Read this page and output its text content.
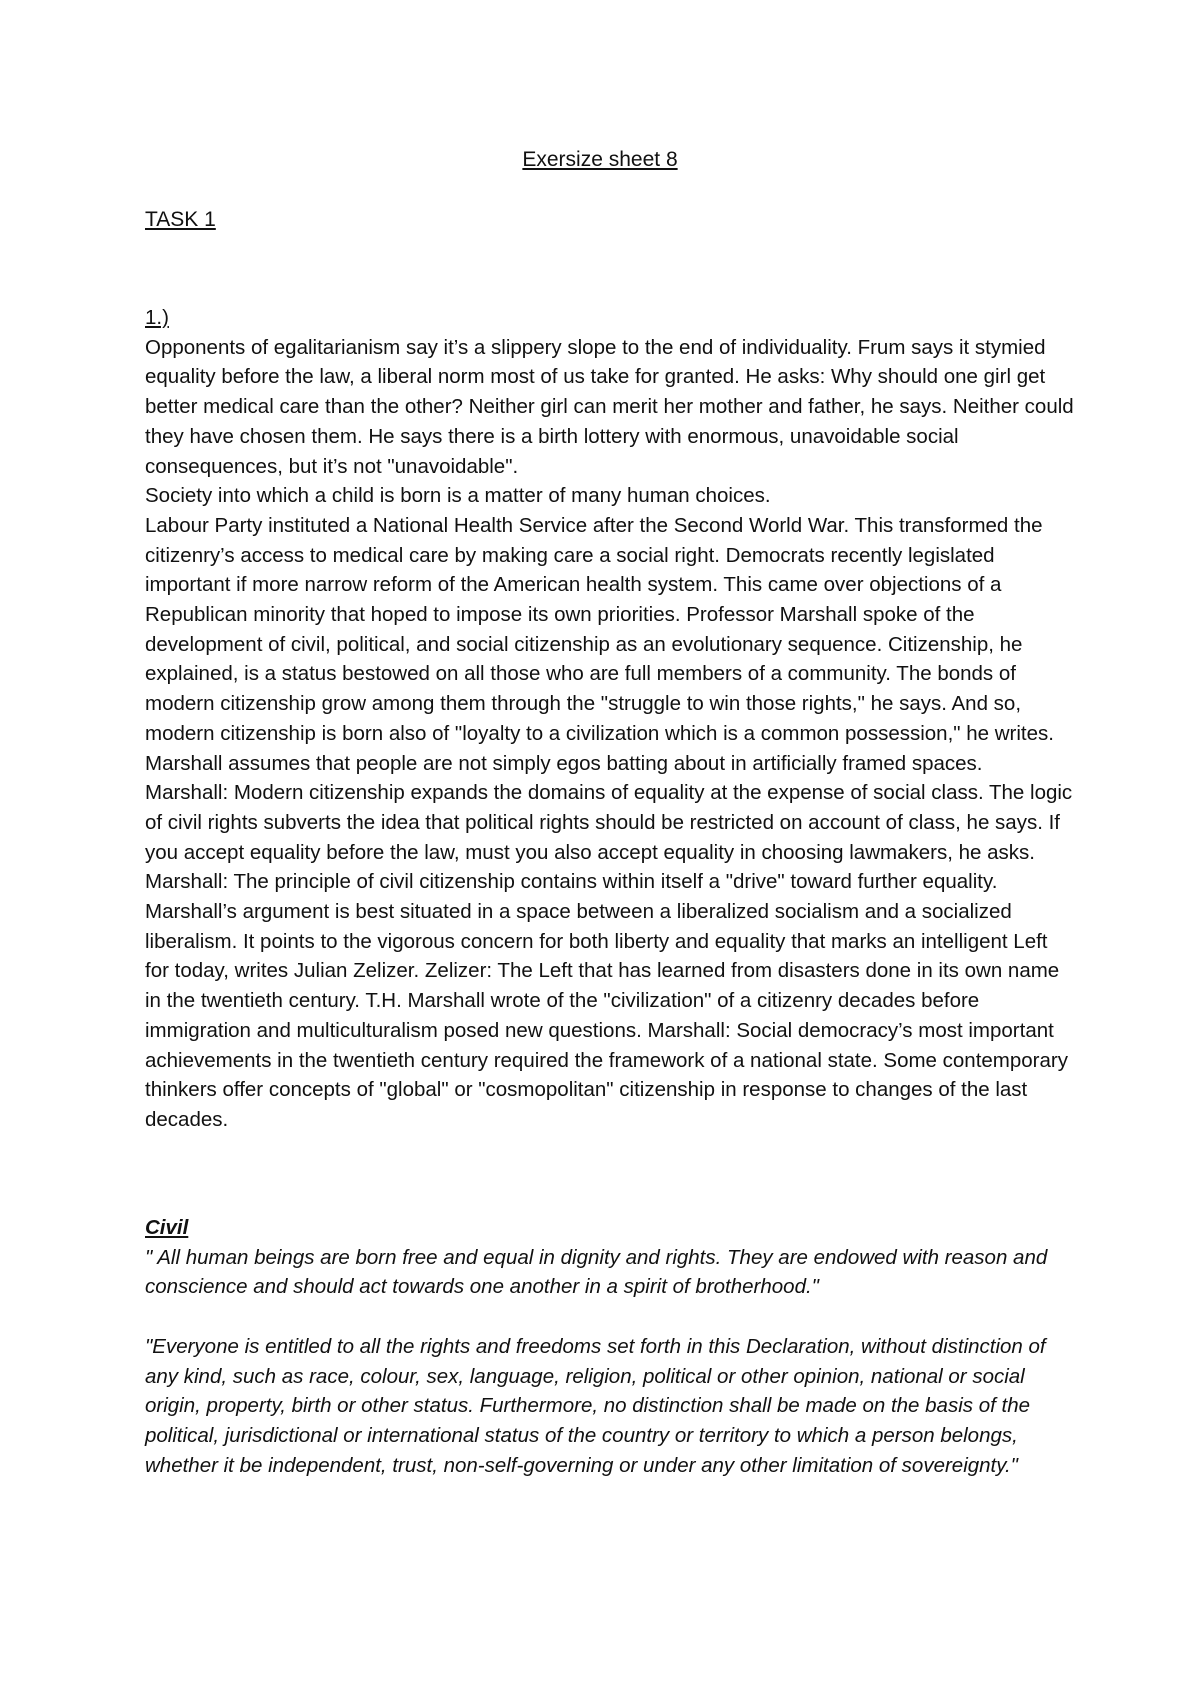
Exersize sheet 8
TASK 1
1.)

Opponents of egalitarianism say it’s a slippery slope to the end of individuality. Frum says it stymied equality before the law, a liberal norm most of us take for granted. He asks: Why should one girl get better medical care than the other? Neither girl can merit her mother and father, he says. Neither could they have chosen them. He says there is a birth lottery with enormous, unavoidable social consequences, but it’s not "unavoidable".

Society into which a child is born is a matter of many human choices.

Labour Party instituted a National Health Service after the Second World War. This transformed the citizenry’s access to medical care by making care a social right. Democrats recently legislated important if more narrow reform of the American health system. This came over objections of a Republican minority that hoped to impose its own priorities. Professor Marshall spoke of the development of civil, political, and social citizenship as an evolutionary sequence. Citizenship, he explained, is a status bestowed on all those who are full members of a community. The bonds of modern citizenship grow among them through the "struggle to win those rights," he says. And so, modern citizenship is born also of "loyalty to a civilization which is a common possession," he writes. Marshall assumes that people are not simply egos batting about in artificially framed spaces.

Marshall: Modern citizenship expands the domains of equality at the expense of social class. The logic of civil rights subverts the idea that political rights should be restricted on account of class, he says. If you accept equality before the law, must you also accept equality in choosing lawmakers, he asks. Marshall: The principle of civil citizenship contains within itself a "drive" toward further equality. Marshall’s argument is best situated in a space between a liberalized socialism and a socialized liberalism. It points to the vigorous concern for both liberty and equality that marks an intelligent Left for today, writes Julian Zelizer. Zelizer: The Left that has learned from disasters done in its own name in the twentieth century. T.H. Marshall wrote of the "civilization" of a citizenry decades before immigration and multiculturalism posed new questions. Marshall: Social democracy’s most important achievements in the twentieth century required the framework of a national state. Some contemporary thinkers offer concepts of "global" or "cosmopolitan" citizenship in response to changes of the last decades.

Civil

" All human beings are born free and equal in dignity and rights. They are endowed with reason and conscience and should act towards one another in a spirit of brotherhood."

"Everyone is entitled to all the rights and freedoms set forth in this Declaration, without distinction of any kind, such as race, colour, sex, language, religion, political or other opinion, national or social origin, property, birth or other status. Furthermore, no distinction shall be made on the basis of the political, jurisdictional or international status of the country or territory to which a person belongs, whether it be independent, trust, non-self-governing or under any other limitation of sovereignty."
